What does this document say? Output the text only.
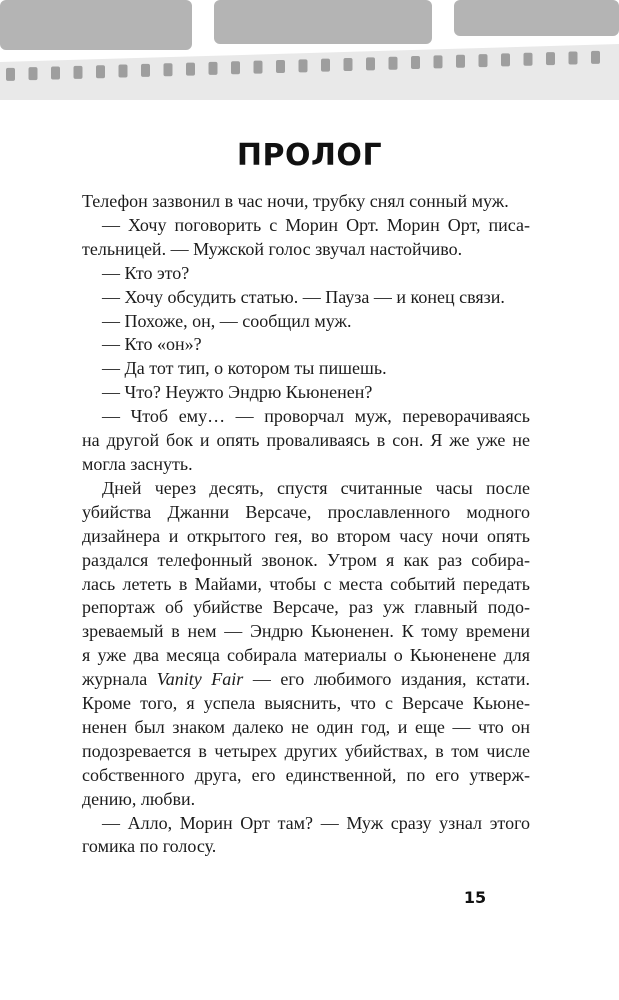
ПРОЛОГ
Телефон зазвонил в час ночи, трубку снял сонный муж.
— Хочу поговорить с Морин Орт. Морин Орт, писа-
тельницей. — Мужской голос звучал настойчиво.
— Кто это?
— Хочу обсудить статью. — Пауза — и конец связи.
— Похоже, он, — сообщил муж.
— Кто «он»?
— Да тот тип, о котором ты пишешь.
— Что? Неужто Эндрю Кьюненен?
— Чтоб ему… — проворчал муж, переворачиваясь
на другой бок и опять проваливаясь в сон. Я же уже не
могла заснуть.
Дней через десять, спустя считанные часы после
убийства Джанни Версаче, прославленного модного
дизайнера и открытого гея, во втором часу ночи опять
раздался телефонный звонок. Утром я как раз собира-
лась лететь в Майами, чтобы с места событий передать
репортаж об убийстве Версаче, раз уж главный подо-
зреваемый в нем — Эндрю Кьюненен. К тому времени
я уже два месяца собирала материалы о Кьюненене для
журнала Vanity Fair — его любимого издания, кстати.
Кроме того, я успела выяснить, что с Версаче Кьюне-
ненен был знаком далеко не один год, и еще — что он
подозревается в четырех других убийствах, в том числе
собственного друга, его единственной, по его утверж-
дению, любви.
— Алло, Морин Орт там? — Муж сразу узнал этого
гомика по голосу.
15
